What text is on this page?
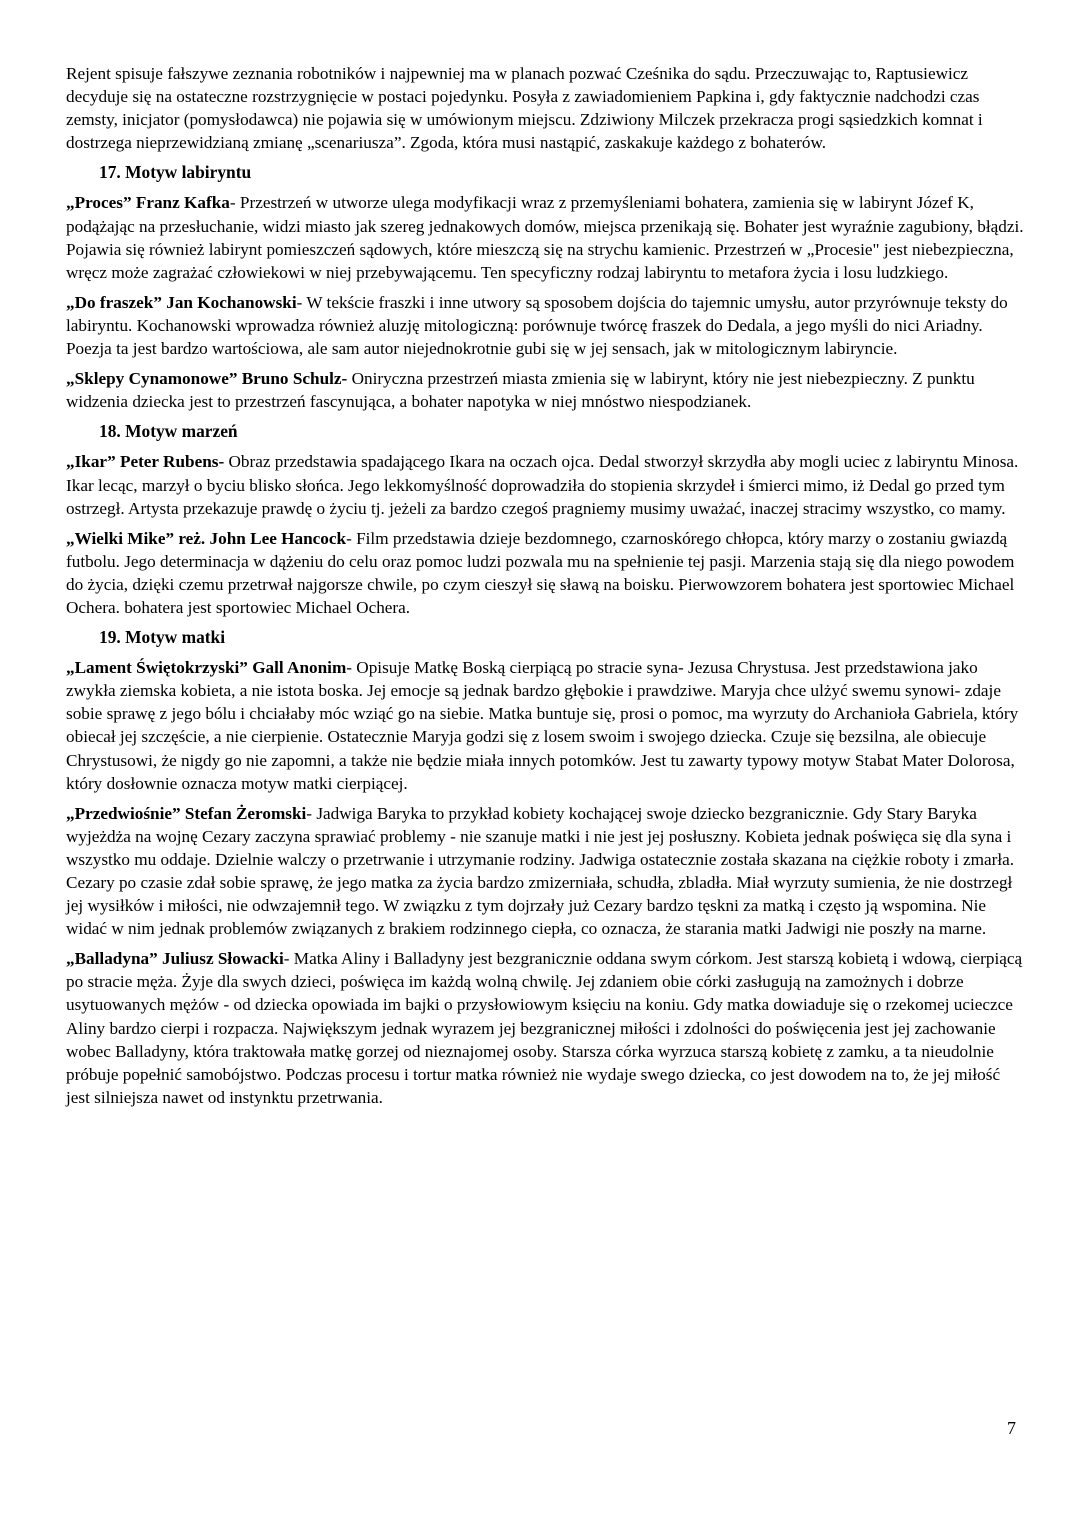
Rejent spisuje fałszywe zeznania robotników i najpewniej ma w planach pozwać Cześnika do sądu. Przeczuwając to, Raptusiewicz decyduje się na ostateczne rozstrzygnięcie w postaci pojedynku. Posyła z zawiadomieniem Papkina i, gdy faktycznie nadchodzi czas zemsty, inicjator (pomysłodawca) nie pojawia się w umówionym miejscu. Zdziwiony Milczek przekracza progi sąsiedzkich komnat i dostrzega nieprzewidzianą zmianę „scenariusza”. Zgoda, która musi nastąpić, zaskakuje każdego z bohaterów.

17. Motyw labiryntu

„Proces” Franz Kafka- Przestrzeń w utworze ulega modyfikacji wraz z przemyśleniami bohatera, zamienia się w labirynt Józef K, podążając na przesłuchanie, widzi miasto jak szereg jednakowych domów, miejsca przenikają się. Bohater jest wyraźnie zagubiony, błądzi. Pojawia się również labirynt pomieszczeń sądowych, które mieszczą się na strychu kamienic. Przestrzeń w „Procesie" jest niebezpieczna, wręcz może zagrażać człowiekowi w niej przebywającemu. Ten specyficzny rodzaj labiryntu to metafora życia i losu ludzkiego.

„Do fraszek” Jan Kochanowski- W tekście fraszki i inne utwory są sposobem dojścia do tajemnic umysłu, autor przyrównuje teksty do labiryntu. Kochanowski wprowadza również aluzję mitologiczną: porównuje twórcę fraszek do Dedala, a jego myśli do nici Ariadny. Poezja ta jest bardzo wartościowa, ale sam autor niejednokrotnie gubi się w jej sensach, jak w mitologicznym labiryncie.

„Sklepy Cynamonowe” Bruno Schulz- Oniryczna przestrzeń miasta zmienia się w labirynt, który nie jest niebezpieczny. Z punktu widzenia dziecka jest to przestrzeń fascynująca, a bohater napotyka w niej mnóstwo niespodzianek.

18. Motyw marzeń

„Ikar” Peter Rubens- Obraz przedstawia spadającego Ikara na oczach ojca. Dedal stworzył skrzydła aby mogli uciec z labiryntu Minosa. Ikar lecąc, marzył o byciu blisko słońca. Jego lekkomyślność doprowadziła do stopienia skrzydeł i śmierci mimo, iż Dedal go przed tym ostrzegł. Artysta przekazuje prawdę o życiu tj. jeżeli za bardzo czegoś pragniemy musimy uważać, inaczej stracimy wszystko, co mamy.

„Wielki Mike” reż. John Lee Hancock- Film przedstawia dzieje bezdomnego, czarnoskórego chłopca, który marzy o zostaniu gwiazdą futbolu. Jego determinacja w dążeniu do celu oraz pomoc ludzi pozwala mu na spełnienie tej pasji. Marzenia stają się dla niego powodem do życia, dzięki czemu przetrwał najgorsze chwile, po czym cieszył się sławą na boisku. Pierwowzorem bohatera jest sportowiec Michael Ochera. bohatera jest sportowiec Michael Ochera.

19. Motyw matki

„Lament Świętokrzyski” Gall Anonim- Opisuje Matkę Boską cierpiącą po stracie syna- Jezusa Chrystusa. Jest przedstawiona jako zwykła ziemska kobieta, a nie istota boska. Jej emocje są jednak bardzo głębokie i prawdziwe. Maryja chce ulżyć swemu synowi- zdaje sobie sprawę z jego bólu i chciałaby móc wziąć go na siebie. Matka buntuje się, prosi o pomoc, ma wyrzuty do Archanioła Gabriela, który obiecał jej szczęście, a nie cierpienie. Ostatecznie Maryja godzi się z losem swoim i swojego dziecka. Czuje się bezsilna, ale obiecuje Chrystusowi, że nigdy go nie zapomni, a także nie będzie miała innych potomków. Jest tu zawarty typowy motyw Stabat Mater Dolorosa, który dosłownie oznacza motyw matki cierpiącej.

„Przedwiośnie” Stefan Żeromski- Jadwiga Baryka to przykład kobiety kochającej swoje dziecko bezgranicznie. Gdy Stary Baryka wyjeżdża na wojnę Cezary zaczyna sprawiać problemy - nie szanuje matki i nie jest jej posłuszny. Kobieta jednak poświęca się dla syna i wszystko mu oddaje. Dzielnie walczy o przetrwanie i utrzymanie rodziny. Jadwiga ostatecznie została skazana na ciężkie roboty i zmarła. Cezary po czasie zdał sobie sprawę, że jego matka za życia bardzo zmizerniała, schudła, zbladła. Miał wyrzuty sumienia, że nie dostrzegł jej wysiłków i miłości, nie odwzajemnił tego. W związku z tym dojrzały już Cezary bardzo tęskni za matką i często ją wspomina. Nie widać w nim jednak problemów związanych z brakiem rodzinnego ciepła, co oznacza, że starania matki Jadwigi nie poszły na marne.

„Balladyna” Juliusz Słowacki- Matka Aliny i Balladyny jest bezgranicznie oddana swym córkom. Jest starszą kobietą i wdową, cierpiącą po stracie męża. Żyje dla swych dzieci, poświęca im każdą wolną chwilę. Jej zdaniem obie córki zasługują na zamożnych i dobrze usytuowanych mężów - od dziecka opowiada im bajki o przysłowiowym księciu na koniu. Gdy matka dowiaduje się o rzekomej ucieczce Aliny bardzo cierpi i rozpacza. Największym jednak wyrazem jej bezgranicznej miłości i zdolności do poświęcenia jest jej zachowanie wobec Balladyny, która traktowała matkę gorzej od nieznajomej osoby. Starsza córka wyrzuca starszą kobietę z zamku, a ta nieudolnie próbuje popełnić samobójstwo. Podczas procesu i tortur matka również nie wydaje swego dziecka, co jest dowodem na to, że jej miłość jest silniejsza nawet od instynktu przetrwania.

7
